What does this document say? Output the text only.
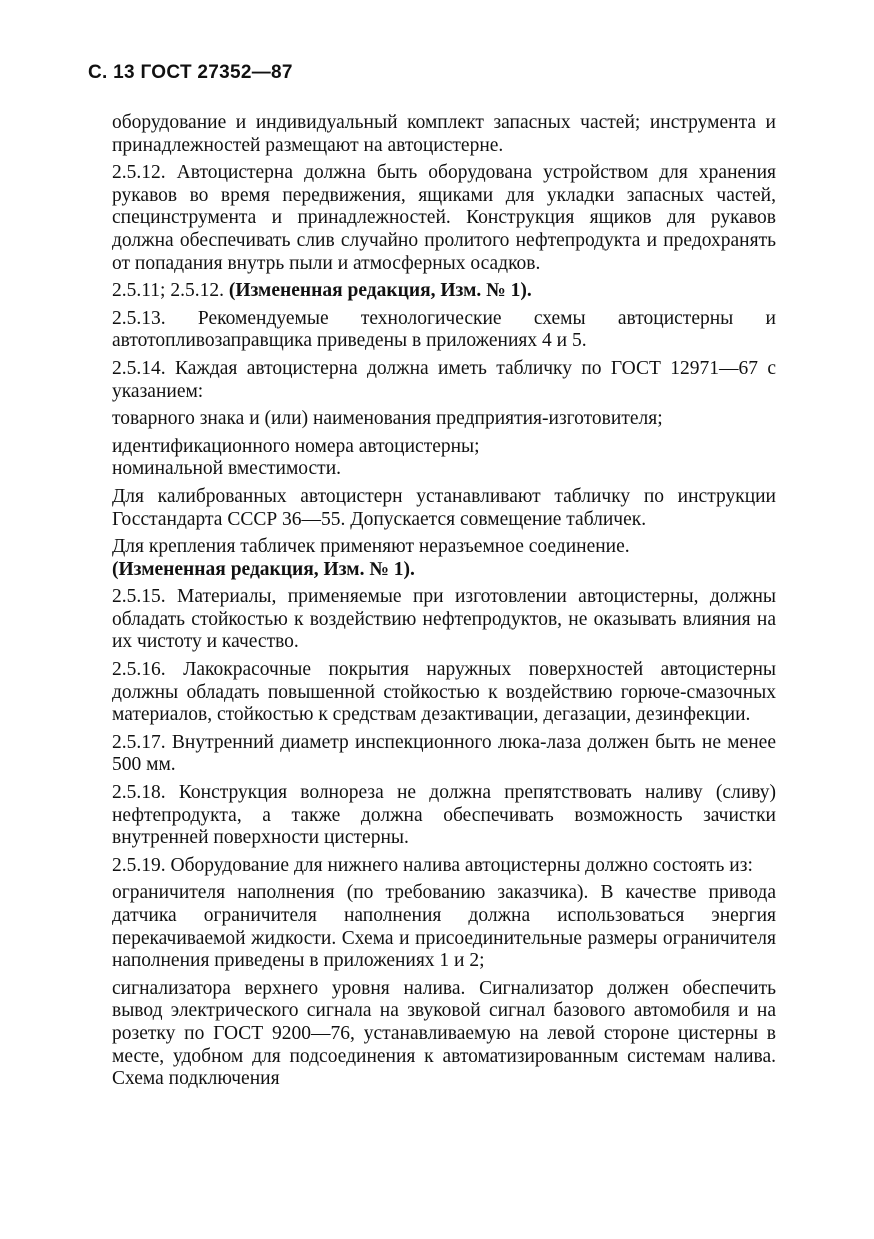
С. 13 ГОСТ 27352—87

оборудование и индивидуальный комплект запасных частей; инструмента и принадлежностей размещают на автоцистерне.

2.5.12. Автоцистерна должна быть оборудована устройством для хранения рукавов во время передвижения, ящиками для укладки запасных частей, специнструмента и принадлежностей. Конструкция ящиков для рукавов должна обеспечивать слив случайно пролитого нефтепродукта и предохранять от попадания внутрь пыли и атмосферных осадков.

2.5.11; 2.5.12. (Измененная редакция, Изм. № 1).

2.5.13. Рекомендуемые технологические схемы автоцистерны и автотопливозаправщика приведены в приложениях 4 и 5.

2.5.14. Каждая автоцистерна должна иметь табличку по ГОСТ 12971—67 с указанием:

товарного знака и (или) наименования предприятия-изготовителя;

идентификационного номера автоцистерны;

номинальной вместимости.

Для калиброванных автоцистерн устанавливают табличку по инструкции Госстандарта СССР 36—55. Допускается совмещение табличек.

Для крепления табличек применяют неразъемное соединение.

(Измененная редакция, Изм. № 1).

2.5.15. Материалы, применяемые при изготовлении автоцистерны, должны обладать стойкостью к воздействию нефтепродуктов, не оказывать влияния на их чистоту и качество.

2.5.16. Лакокрасочные покрытия наружных поверхностей автоцистерны должны обладать повышенной стойкостью к воздействию горюче-смазочных материалов, стойкостью к средствам дезактивации, дегазации, дезинфекции.

2.5.17. Внутренний диаметр инспекционного люка-лаза должен быть не менее 500 мм.

2.5.18. Конструкция волнореза не должна препятствовать наливу (сливу) нефтепродукта, а также должна обеспечивать возможность зачистки внутренней поверхности цистерны.

2.5.19. Оборудование для нижнего налива автоцистерны должно состоять из:

ограничителя наполнения (по требованию заказчика). В качестве привода датчика ограничителя наполнения должна использоваться энергия перекачиваемой жидкости. Схема и присоединительные размеры ограничителя наполнения приведены в приложениях 1 и 2;

сигнализатора верхнего уровня налива. Сигнализатор должен обеспечить вывод электрического сигнала на звуковой сигнал базового автомобиля и на розетку по ГОСТ 9200—76, устанавливаемую на левой стороне цистерны в месте, удобном для подсоединения к автоматизированным системам налива. Схема подключения
